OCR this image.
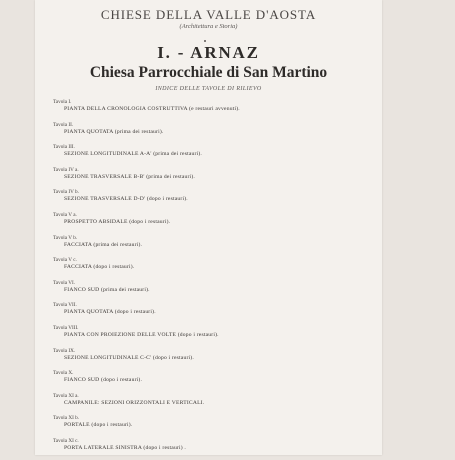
CHIESE DELLA VALLE D'AOSTA
(Architettura e Storia)
I. - ARNAZ
Chiesa Parrocchiale di San Martino
INDICE DELLE TAVOLE DI RILIEVO
Tavola I.
PIANTA DELLA CRONOLOGIA COSTRUTTIVA (e restauri avvenuti).
Tavola II.
PIANTA QUOTATA (prima dei restauri).
Tavola III.
SEZIONE LONGITUDINALE A-A' (prima dei restauri).
Tavola IV a.
SEZIONE TRASVERSALE B-B' (prima dei restauri).
Tavola IV b.
SEZIONE TRASVERSALE D-D' (dopo i restauri).
Tavola V a.
PROSPETTO ABSIDALE (dopo i restauri).
Tavola V b.
FACCIATA (prima dei restauri).
Tavola V c.
FACCIATA (dopo i restauri).
Tavola VI.
FIANCO SUD (prima dei restauri).
Tavola VII.
PIANTA QUOTATA (dopo i restauri).
Tavola VIII.
PIANTA CON PROIEZIONE DELLE VOLTE (dopo i restauri).
Tavola IX.
SEZIONE LONGITUDINALE C-C' (dopo i restauri).
Tavola X.
FIANCO SUD (dopo i restauri).
Tavola XI a.
CAMPANILE: SEZIONI ORIZZONTALI E VERTICALI.
Tavola XI b.
PORTALE (dopo i restauri).
Tavola XI c.
PORTA LATERALE SINISTRA (dopo i restauri) .
